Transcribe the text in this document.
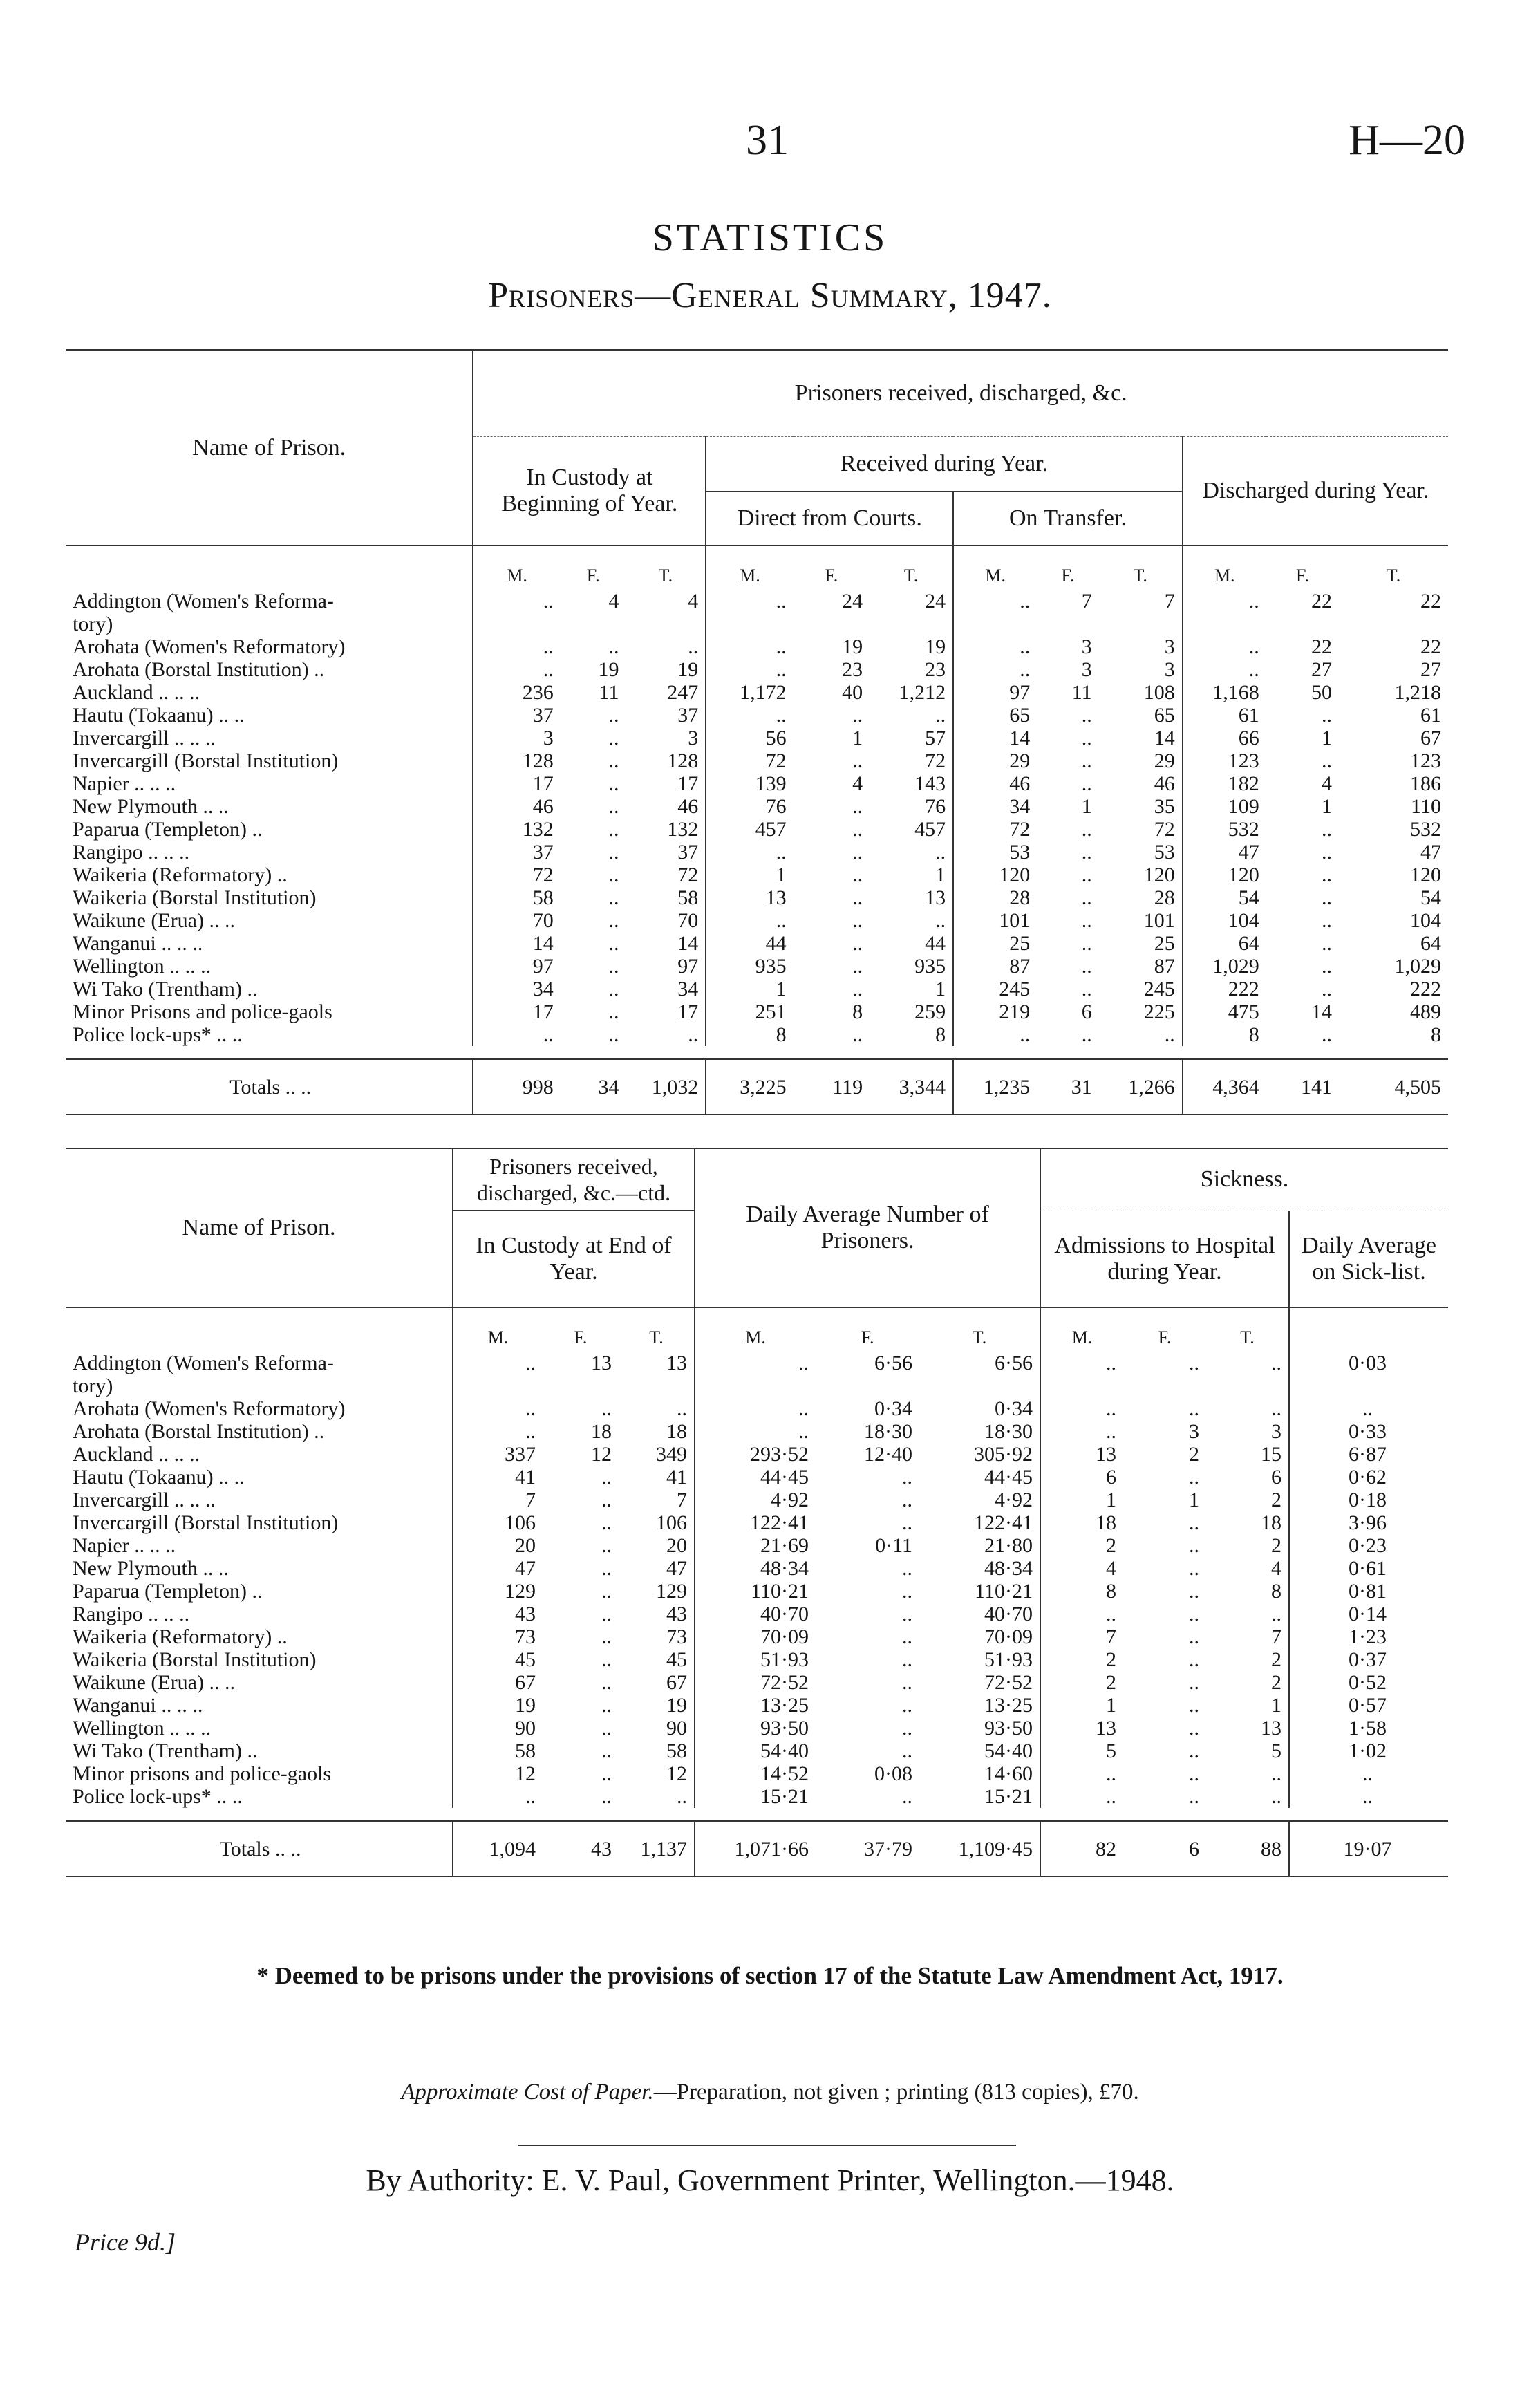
31	H—20
STATISTICS
Prisoners—General Summary, 1947.
Name of Prison.	Prisoners received, discharged, &c.											
	In Custody at Beginning of Year.			Received during Year.						Discharged during Year.		
				Direct from Courts.			On Transfer.					
	M.	F.	T.	M.	F.	T.	M.	F.	T.	M.	F.	T.
Addington (Women's Reforma-	..	4	4	..	24	24	..	7	7	..	22	22
tory)												
Arohata (Women's Reformatory)	..	..	..	..	19	19	..	3	3	..	22	22
Arohata (Borstal Institution) ..	..	19	19	..	23	23	..	3	3	..	27	27
Auckland .. .. ..	236	11	247	1,172	40	1,212	97	11	108	1,168	50	1,218
Hautu (Tokaanu) .. ..	37	..	37	..	..	..	65	..	65	61	..	61
Invercargill .. .. ..	3	..	3	56	1	57	14	..	14	66	1	67
Invercargill (Borstal Institution)	128	..	128	72	..	72	29	..	29	123	..	123
Napier .. .. ..	17	..	17	139	4	143	46	..	46	182	4	186
New Plymouth .. ..	46	..	46	76	..	76	34	1	35	109	1	110
Paparua (Templeton) ..	132	..	132	457	..	457	72	..	72	532	..	532
Rangipo .. .. ..	37	..	37	..	..	..	53	..	53	47	..	47
Waikeria (Reformatory) ..	72	..	72	1	..	1	120	..	120	120	..	120
Waikeria (Borstal Institution)	58	..	58	13	..	13	28	..	28	54	..	54
Waikune (Erua) .. ..	70	..	70	..	..	..	101	..	101	104	..	104
Wanganui .. .. ..	14	..	14	44	..	44	25	..	25	64	..	64
Wellington .. .. ..	97	..	97	935	..	935	87	..	87	1,029	..	1,029
Wi Tako (Trentham) ..	34	..	34	1	..	1	245	..	245	222	..	222
Minor Prisons and police-gaols	17	..	17	251	8	259	219	6	225	475	14	489
Police lock-ups* .. ..	..	..	..	8	..	8	..	..	..	8	..	8

Totals .. ..	998	34	1,032	3,225	119	3,344	1,235	31	1,266	4,364	141	4,505
Name of Prison.	Prisoners received, discharged, &c.—ctd.			Daily Average Number of Prisoners.			Sickness.			
	In Custody at End of Year.						Admissions to Hospital during Year.			Daily Average on Sick-list.

	M.	F.	T.	M.	F.	T.	M.	F.	T.	
Addington (Women's Reforma-	..	13	13	..	6·56	6·56	..	..	..	0·03
tory)										
Arohata (Women's Reformatory)	..	..	..	..	0·34	0·34	..	..	..	..
Arohata (Borstal Institution) ..	..	18	18	..	18·30	18·30	..	3	3	0·33
Auckland .. .. ..	337	12	349	293·52	12·40	305·92	13	2	15	6·87
Hautu (Tokaanu) .. ..	41	..	41	44·45	..	44·45	6	..	6	0·62
Invercargill .. .. ..	7	..	7	4·92	..	4·92	1	1	2	0·18
Invercargill (Borstal Institution)	106	..	106	122·41	..	122·41	18	..	18	3·96
Napier .. .. ..	20	..	20	21·69	0·11	21·80	2	..	2	0·23
New Plymouth .. ..	47	..	47	48·34	..	48·34	4	..	4	0·61
Paparua (Templeton) ..	129	..	129	110·21	..	110·21	8	..	8	0·81
Rangipo .. .. ..	43	..	43	40·70	..	40·70	..	..	..	0·14
Waikeria (Reformatory) ..	73	..	73	70·09	..	70·09	7	..	7	1·23
Waikeria (Borstal Institution)	45	..	45	51·93	..	51·93	2	..	2	0·37
Waikune (Erua) .. ..	67	..	67	72·52	..	72·52	2	..	2	0·52
Wanganui .. .. ..	19	..	19	13·25	..	13·25	1	..	1	0·57
Wellington .. .. ..	90	..	90	93·50	..	93·50	13	..	13	1·58
Wi Tako (Trentham) ..	58	..	58	54·40	..	54·40	5	..	5	1·02
Minor prisons and police-gaols	12	..	12	14·52	0·08	14·60	..	..	..	..
Police lock-ups* .. ..	..	..	..	15·21	..	15·21	..	..	..	..

Totals .. ..	1,094	43	1,137	1,071·66	37·79	1,109·45	82	6	88	19·07
* Deemed to be prisons under the provisions of section 17 of the Statute Law Amendment Act, 1917.
Approximate Cost of Paper.—Preparation, not given ; printing (813 copies), £70.
By Authority: E. V. Paul, Government Printer, Wellington.—1948.
Price 9d.]
